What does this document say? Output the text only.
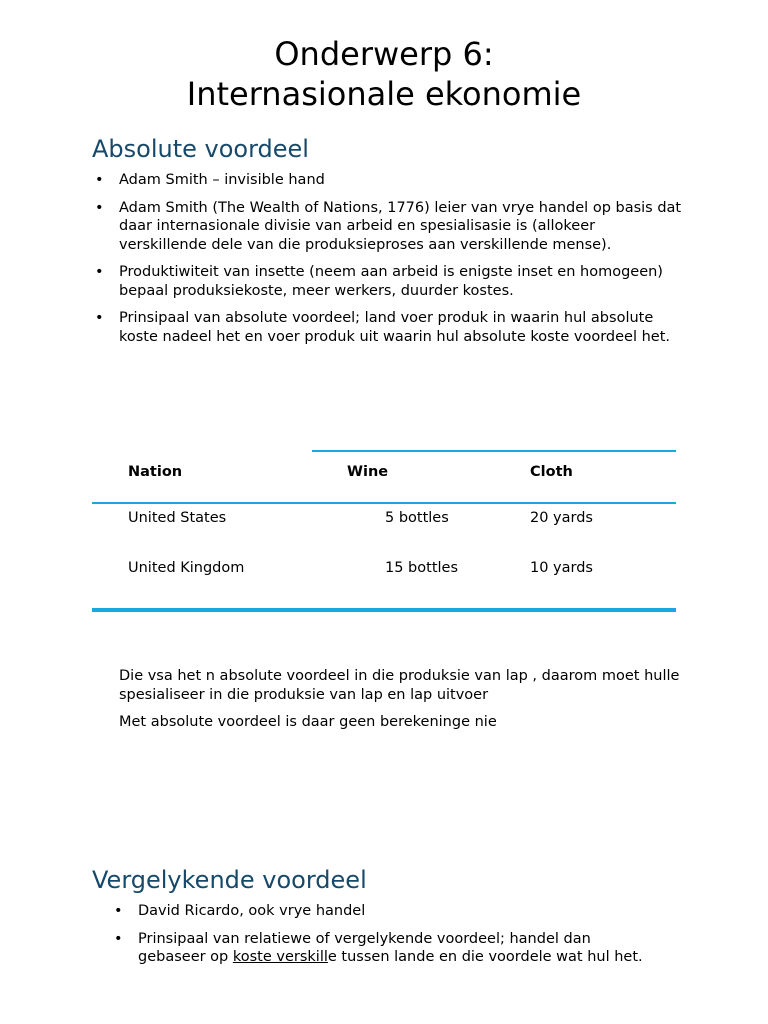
Onderwerp 6:
Internasionale ekonomie
Absolute voordeel
• Adam Smith – invisible hand
• Adam Smith (The Wealth of Nations, 1776) leier van vrye handel op basis dat daar internasionale divisie van arbeid en spesialisasie is (allokeer verskillende dele van die produksieproses aan verskillende mense).
• Produktiwiteit van insette (neem aan arbeid is enigste inset en homogeen) bepaal produksiekoste, meer werkers, duurder kostes.
• Prinsipaal van absolute voordeel; land voer produk in waarin hul absolute koste nadeel het en voer produk uit waarin hul absolute koste voordeel het.
Nation	Wine	Cloth
United States	5 bottles	20 yards
United Kingdom	15 bottles	10 yards

Die vsa het n absolute voordeel in die produksie van lap , daarom moet hulle spesialiseer in die produksie van lap en lap uitvoer

Met absolute voordeel is daar geen berekeninge nie

Vergelykende voordeel
• David Ricardo, ook vrye handel
• Prinsipaal van relatiewe of vergelykende voordeel; handel dan gebaseer op koste verskille tussen lande en die voordele wat hul het.
